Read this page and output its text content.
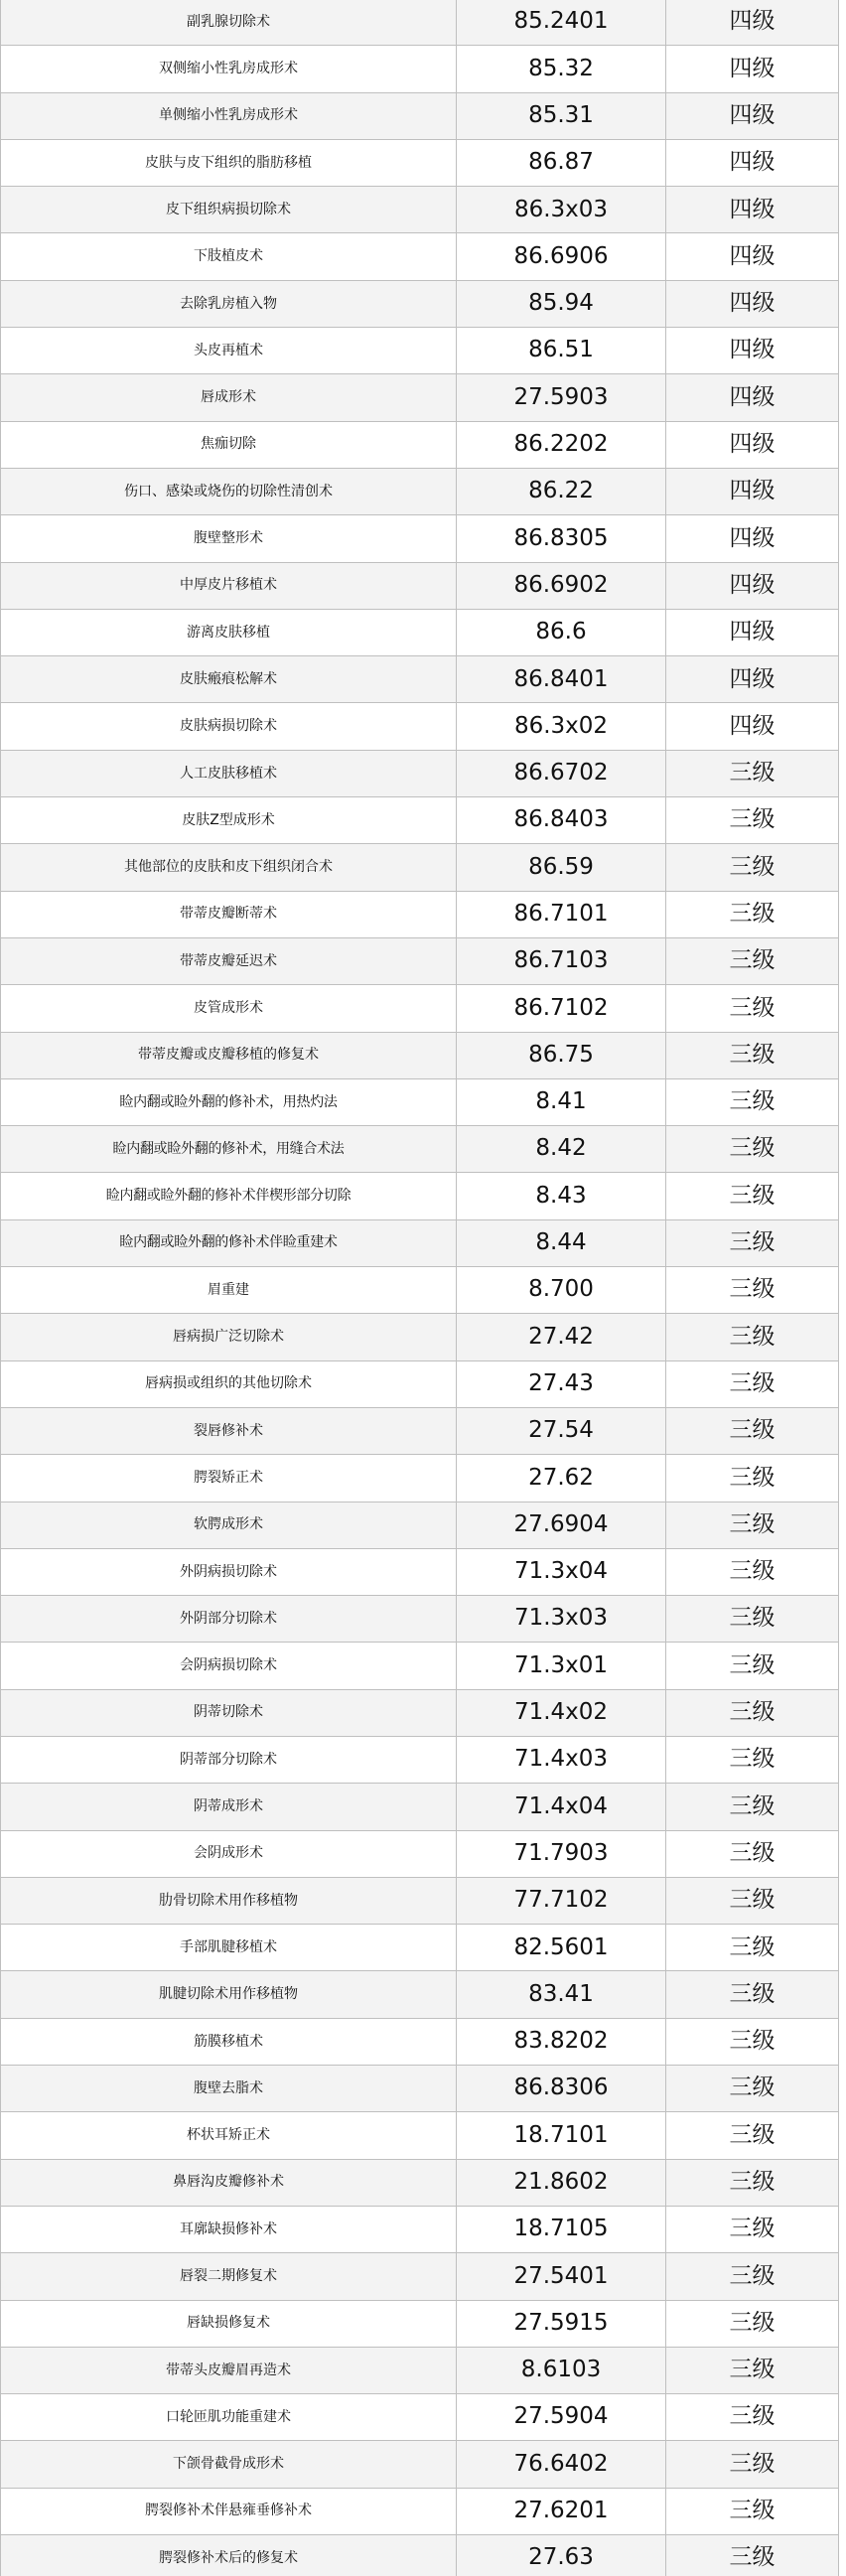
副乳腺切除术	85.2401	四级
双侧缩小性乳房成形术	85.32	四级
单侧缩小性乳房成形术	85.31	四级
皮肤与皮下组织的脂肪移植	86.87	四级
皮下组织病损切除术	86.3x03	四级
下肢植皮术	86.6906	四级
去除乳房植入物	85.94	四级
头皮再植术	86.51	四级
唇成形术	27.5903	四级
焦痂切除	86.2202	四级
伤口、感染或烧伤的切除性清创术	86.22	四级
腹壁整形术	86.8305	四级
中厚皮片移植术	86.6902	四级
游离皮肤移植	86.6	四级
皮肤瘢痕松解术	86.8401	四级
皮肤病损切除术	86.3x02	四级
人工皮肤移植术	86.6702	三级
皮肤Z型成形术	86.8403	三级
其他部位的皮肤和皮下组织闭合术	86.59	三级
带蒂皮瓣断蒂术	86.7101	三级
带蒂皮瓣延迟术	86.7103	三级
皮管成形术	86.7102	三级
带蒂皮瓣或皮瓣移植的修复术	86.75	三级
睑内翻或睑外翻的修补术，用热灼法	8.41	三级
睑内翻或睑外翻的修补术，用缝合术法	8.42	三级
睑内翻或睑外翻的修补术伴楔形部分切除	8.43	三级
睑内翻或睑外翻的修补术伴睑重建术	8.44	三级
眉重建	8.700	三级
唇病损广泛切除术	27.42	三级
唇病损或组织的其他切除术	27.43	三级
裂唇修补术	27.54	三级
腭裂矫正术	27.62	三级
软腭成形术	27.6904	三级
外阴病损切除术	71.3x04	三级
外阴部分切除术	71.3x03	三级
会阴病损切除术	71.3x01	三级
阴蒂切除术	71.4x02	三级
阴蒂部分切除术	71.4x03	三级
阴蒂成形术	71.4x04	三级
会阴成形术	71.7903	三级
肋骨切除术用作移植物	77.7102	三级
手部肌腱移植术	82.5601	三级
肌腱切除术用作移植物	83.41	三级
筋膜移植术	83.8202	三级
腹壁去脂术	86.8306	三级
杯状耳矫正术	18.7101	三级
鼻唇沟皮瓣修补术	21.8602	三级
耳廓缺损修补术	18.7105	三级
唇裂二期修复术	27.5401	三级
唇缺损修复术	27.5915	三级
带蒂头皮瓣眉再造术	8.6103	三级
口轮匝肌功能重建术	27.5904	三级
下颌骨截骨成形术	76.6402	三级
腭裂修补术伴悬雍垂修补术	27.6201	三级
腭裂修补术后的修复术	27.63	三级
